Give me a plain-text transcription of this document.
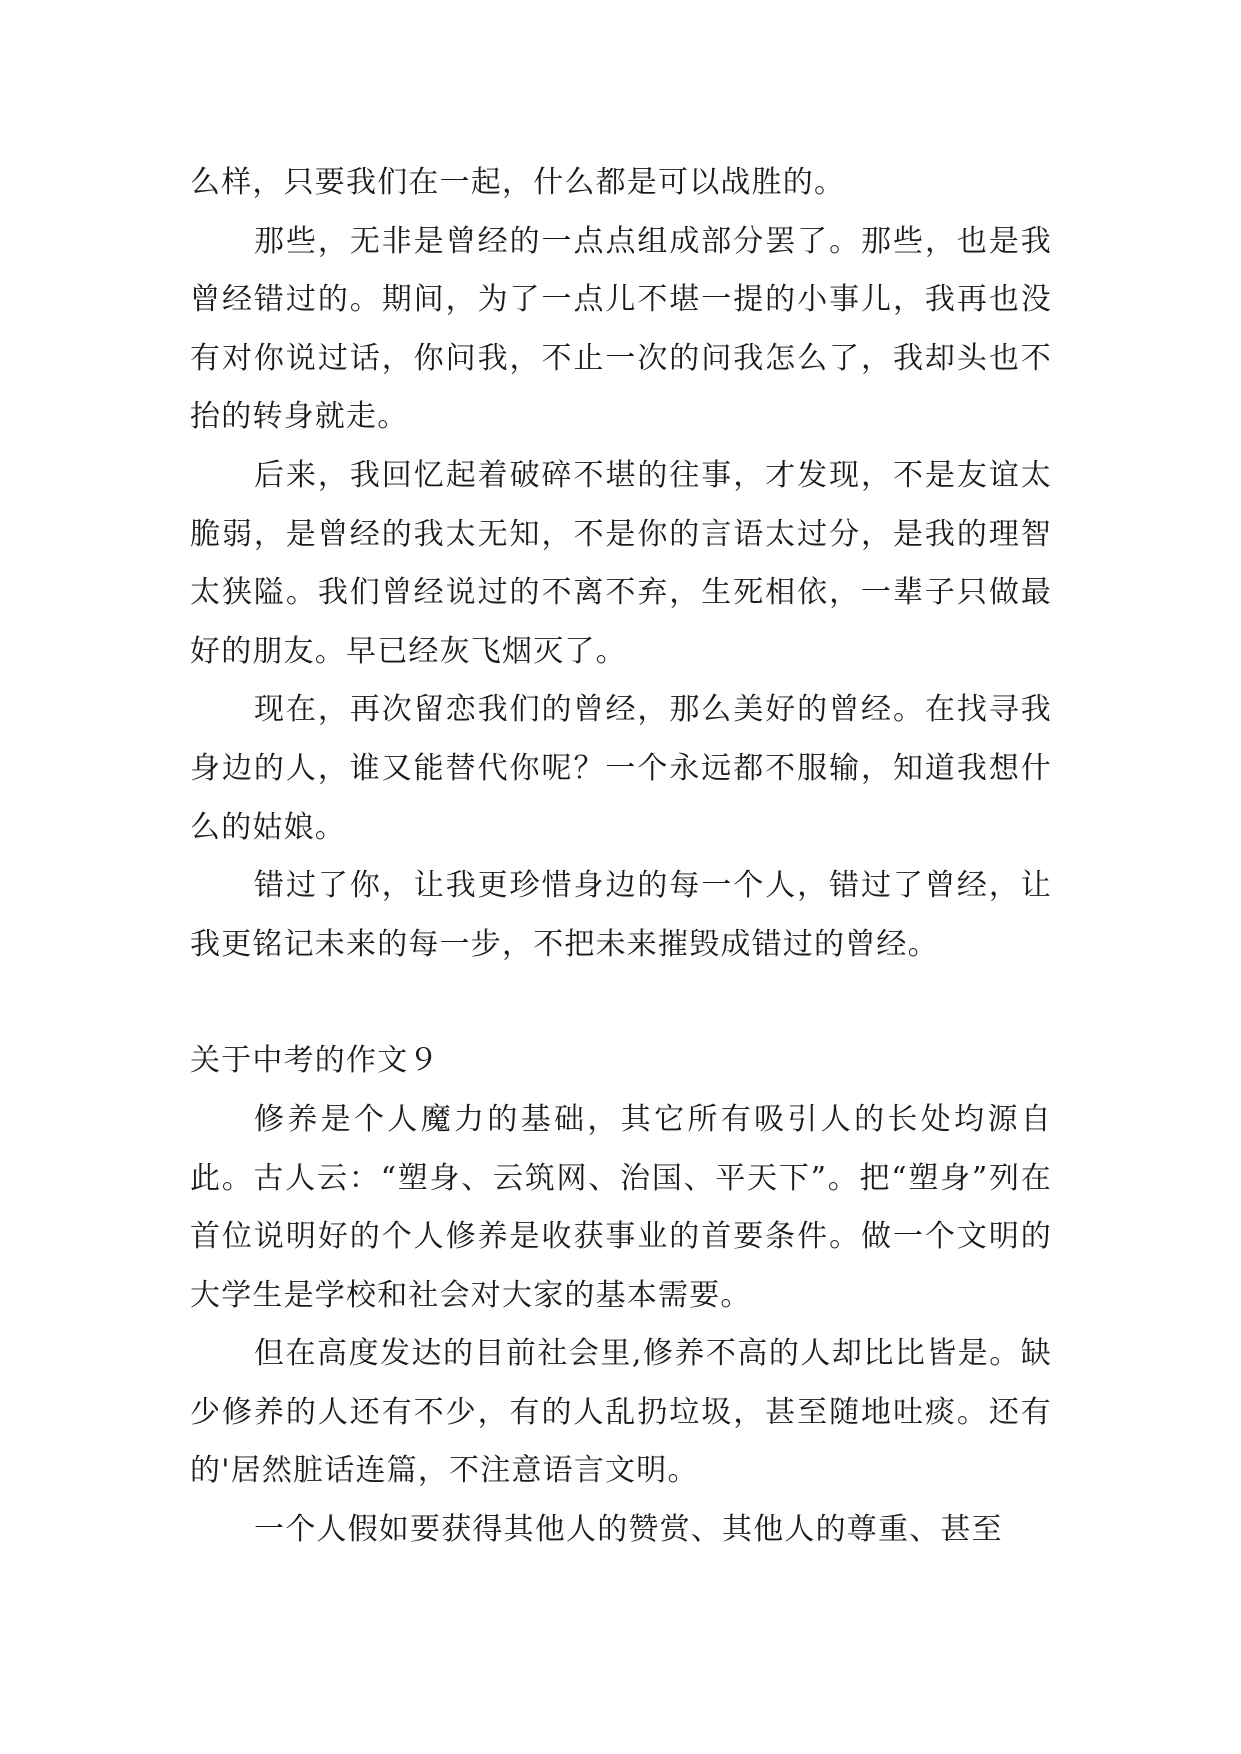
么样，只要我们在一起，什么都是可以战胜的。

那些，无非是曾经的一点点组成部分罢了。那些，也是我曾经错过的。期间，为了一点儿不堪一提的小事儿，我再也没有对你说过话，你问我，不止一次的问我怎么了，我却头也不抬的转身就走。

后来，我回忆起着破碎不堪的往事，才发现，不是友谊太脆弱，是曾经的我太无知，不是你的言语太过分，是我的理智太狭隘。我们曾经说过的不离不弃，生死相依，一辈子只做最好的朋友。早已经灰飞烟灭了。

现在，再次留恋我们的曾经，那么美好的曾经。在找寻我身边的人，谁又能替代你呢？一个永远都不服输，知道我想什么的姑娘。

错过了你，让我更珍惜身边的每一个人，错过了曾经，让我更铭记未来的每一步，不把未来摧毁成错过的曾经。

关于中考的作文９

修养是个人魔力的基础，其它所有吸引人的长处均源自此。古人云：“塑身、云筑网、治国、平天下”。把“塑身”列在首位说明好的个人修养是收获事业的首要条件。做一个文明的大学生是学校和社会对大家的基本需要。

但在高度发达的目前社会里,修养不高的人却比比皆是。缺少修养的人还有不少，有的人乱扔垃圾，甚至随地吐痰。还有的'居然脏话连篇，不注意语言文明。

一个人假如要获得其他人的赞赏、其他人的尊重、甚至
